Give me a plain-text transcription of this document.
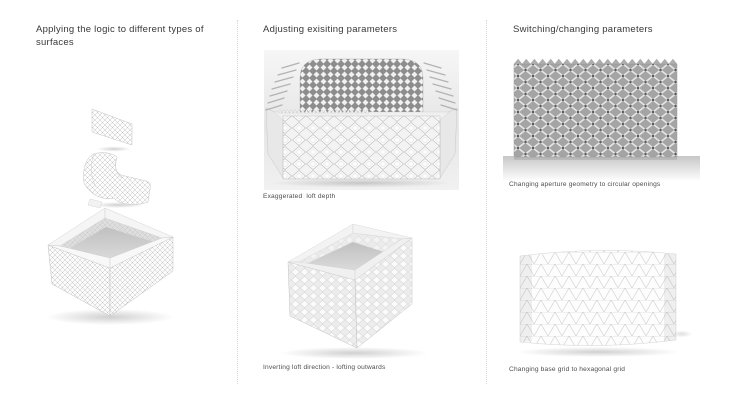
Applying the logic to different types of surfaces
Adjusting exisiting parameters	Switching/changing parameters
Exaggerated  loft depth
Inverting loft direction - lofting outwards
Changing aperture geometry to circular openings
Changing base grid to hexagonal grid
